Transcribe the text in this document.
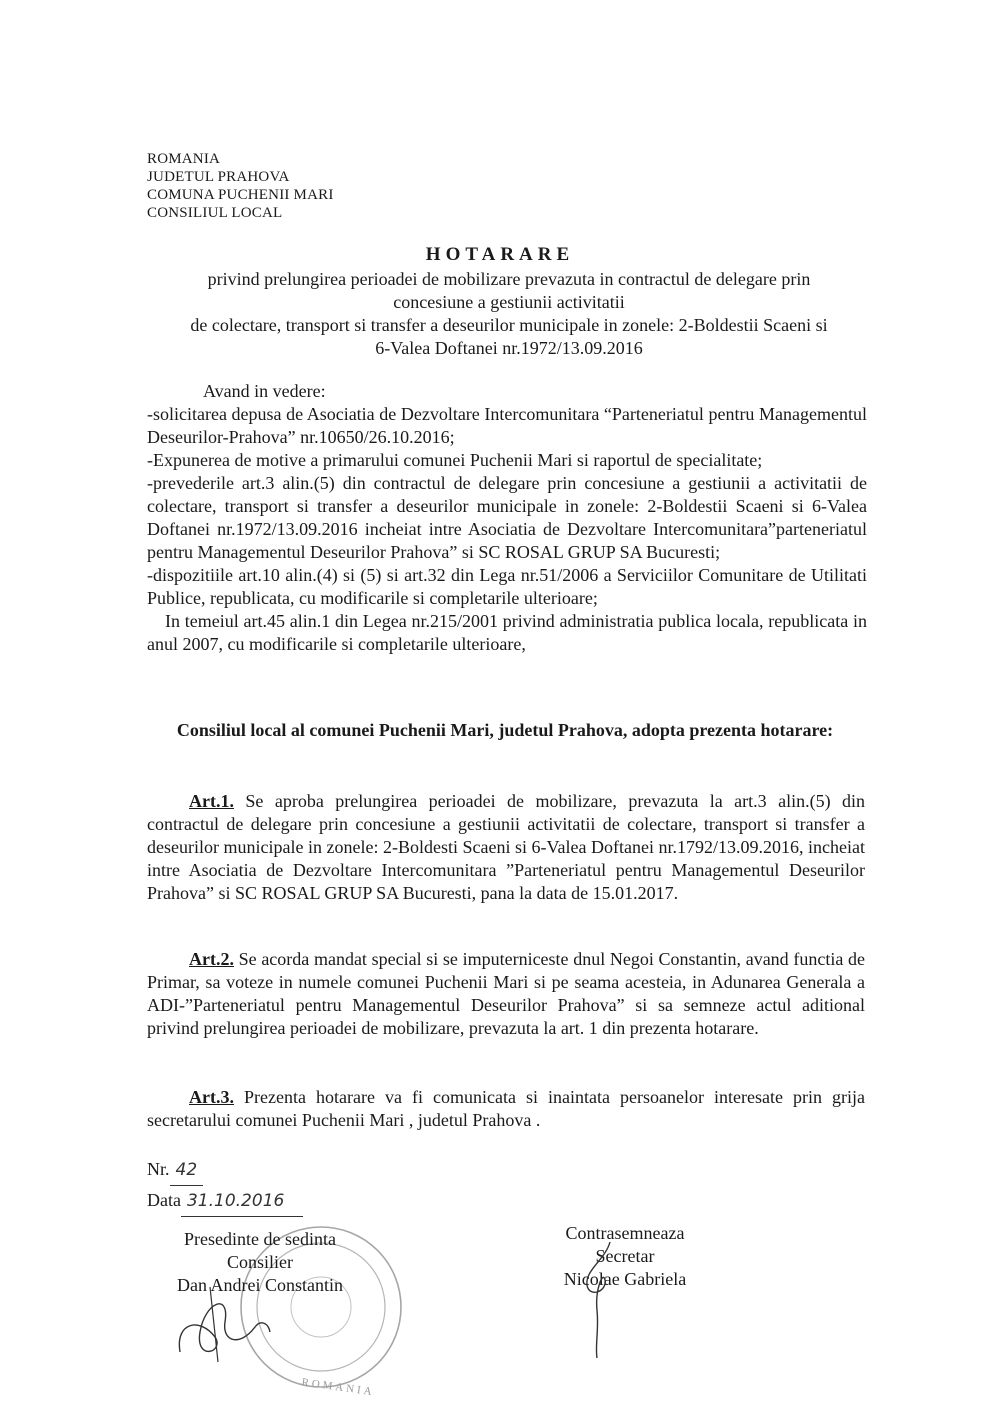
ROMANIA
JUDETUL PRAHOVA
COMUNA PUCHENII MARI
CONSILIUL LOCAL
HOTARARE
privind prelungirea perioadei de mobilizare prevazuta in contractul de delegare prin
concesiune a gestiunii activitatii
de colectare, transport si transfer a deseurilor municipale in zonele: 2-Boldestii Scaeni si
6-Valea Doftanei nr.1972/13.09.2016

Avand in vedere:

-solicitarea depusa de Asociatia de Dezvoltare Intercomunitara “Parteneriatul pentru Managementul Deseurilor-Prahova” nr.10650/26.10.2016;

-Expunerea de motive a primarului comunei Puchenii Mari si raportul de specialitate;

-prevederile art.3 alin.(5) din contractul de delegare prin concesiune a gestiunii a activitatii de colectare, transport si transfer a deseurilor municipale in zonele: 2-Boldestii Scaeni si 6-Valea Doftanei nr.1972/13.09.2016 incheiat intre Asociatia de Dezvoltare Intercomunitara”parteneriatul pentru Managementul Deseurilor Prahova” si SC ROSAL GRUP SA Bucuresti;

-dispozitiile art.10 alin.(4) si (5) si art.32 din Lega nr.51/2006 a Serviciilor Comunitare de Utilitati Publice, republicata, cu modificarile si completarile ulterioare;

In temeiul art.45 alin.1 din Legea nr.215/2001 privind administratia publica locala, republicata in anul 2007, cu modificarile si completarile ulterioare,

Consiliul local al comunei Puchenii Mari, judetul Prahova, adopta prezenta hotarare:

Art.1. Se aproba prelungirea perioadei de mobilizare, prevazuta la art.3 alin.(5) din contractul de delegare prin concesiune a gestiunii activitatii de colectare, transport si transfer a deseurilor municipale in zonele: 2-Boldesti Scaeni si 6-Valea Doftanei nr.1792/13.09.2016, incheiat intre Asociatia de Dezvoltare Intercomunitara ”Parteneriatul pentru Managementul Deseurilor Prahova” si SC ROSAL GRUP SA Bucuresti, pana la data de 15.01.2017.

Art.2. Se acorda mandat special si se imputerniceste dnul Negoi Constantin, avand functia de Primar, sa voteze in numele comunei Puchenii Mari si pe seama acesteia, in Adunarea Generala a ADI-”Parteneriatul pentru Managementul Deseurilor Prahova” si sa semneze actul aditional privind prelungirea perioadei de mobilizare, prevazuta la art. 1 din prezenta hotarare.

Art.3. Prezenta hotarare va fi comunicata si inaintata persoanelor interesate prin grija secretarului comunei Puchenii Mari , judetul Prahova .

Nr. 42
Data 31.10.2016
ROMANIA
Presedinte de sedinta
Consilier
Dan Andrei Constantin
Contrasemneaza
Secretar
Nicolae Gabriela
